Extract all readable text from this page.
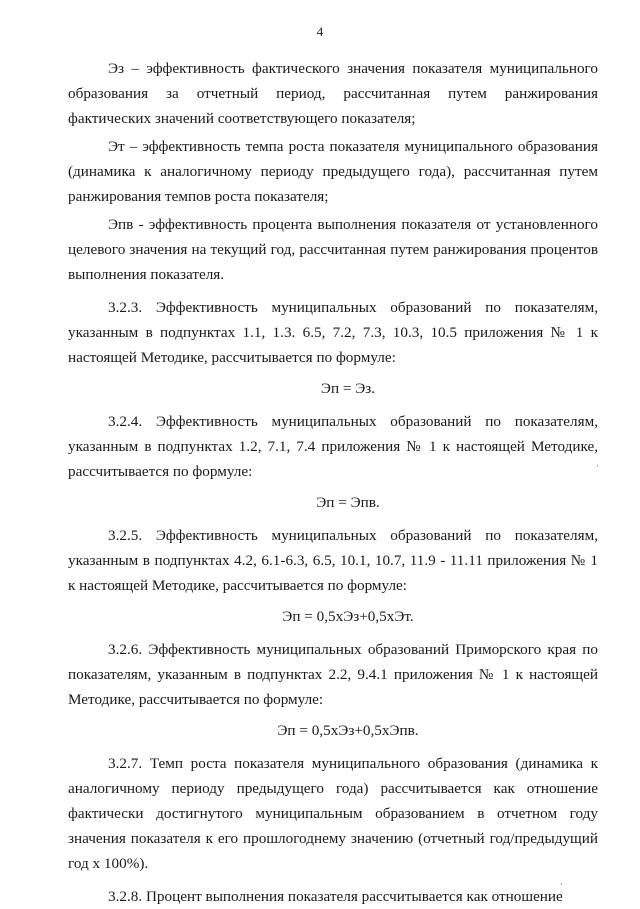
4

Эз – эффективность фактического значения показателя муниципального образования за отчетный период, рассчитанная путем ранжирования фактических значений соответствующего показателя;

Эт – эффективность темпа роста показателя муниципального образования (динамика к аналогичному периоду предыдущего года), рассчитанная путем ранжирования темпов роста показателя;

Эпв - эффективность процента выполнения показателя от установленного целевого значения на текущий год, рассчитанная путем ранжирования процентов выполнения показателя.

3.2.3. Эффективность муниципальных образований по показателям, указанным в подпунктах 1.1, 1.3. 6.5, 7.2, 7.3, 10.3, 10.5 приложения № 1 к настоящей Методике, рассчитывается по формуле:

Эп = Эз.

3.2.4. Эффективность муниципальных образований по показателям, указанным в подпунктах 1.2, 7.1, 7.4 приложения № 1 к настоящей Методике, рассчитывается по формуле:

Эп = Эпв.

3.2.5. Эффективность муниципальных образований по показателям, указанным в подпунктах 4.2, 6.1-6.3, 6.5, 10.1, 10.7, 11.9 - 11.11 приложения № 1 к настоящей Методике, рассчитывается по формуле:

Эп = 0,5хЭз+0,5хЭт.

3.2.6. Эффективность муниципальных образований Приморского края по показателям, указанным в подпунктах 2.2, 9.4.1 приложения № 1 к настоящей Методике, рассчитывается по формуле:

Эп = 0,5хЭз+0,5хЭпв.

3.2.7. Темп роста показателя муниципального образования (динамика к аналогичному периоду предыдущего года) рассчитывается как отношение фактически достигнутого муниципальным образованием в отчетном году значения показателя к его прошлогоднему значению (отчетный год/предыдущий год х 100%).

3.2.8. Процент выполнения показателя рассчитывается как отношение

·
ˎ
